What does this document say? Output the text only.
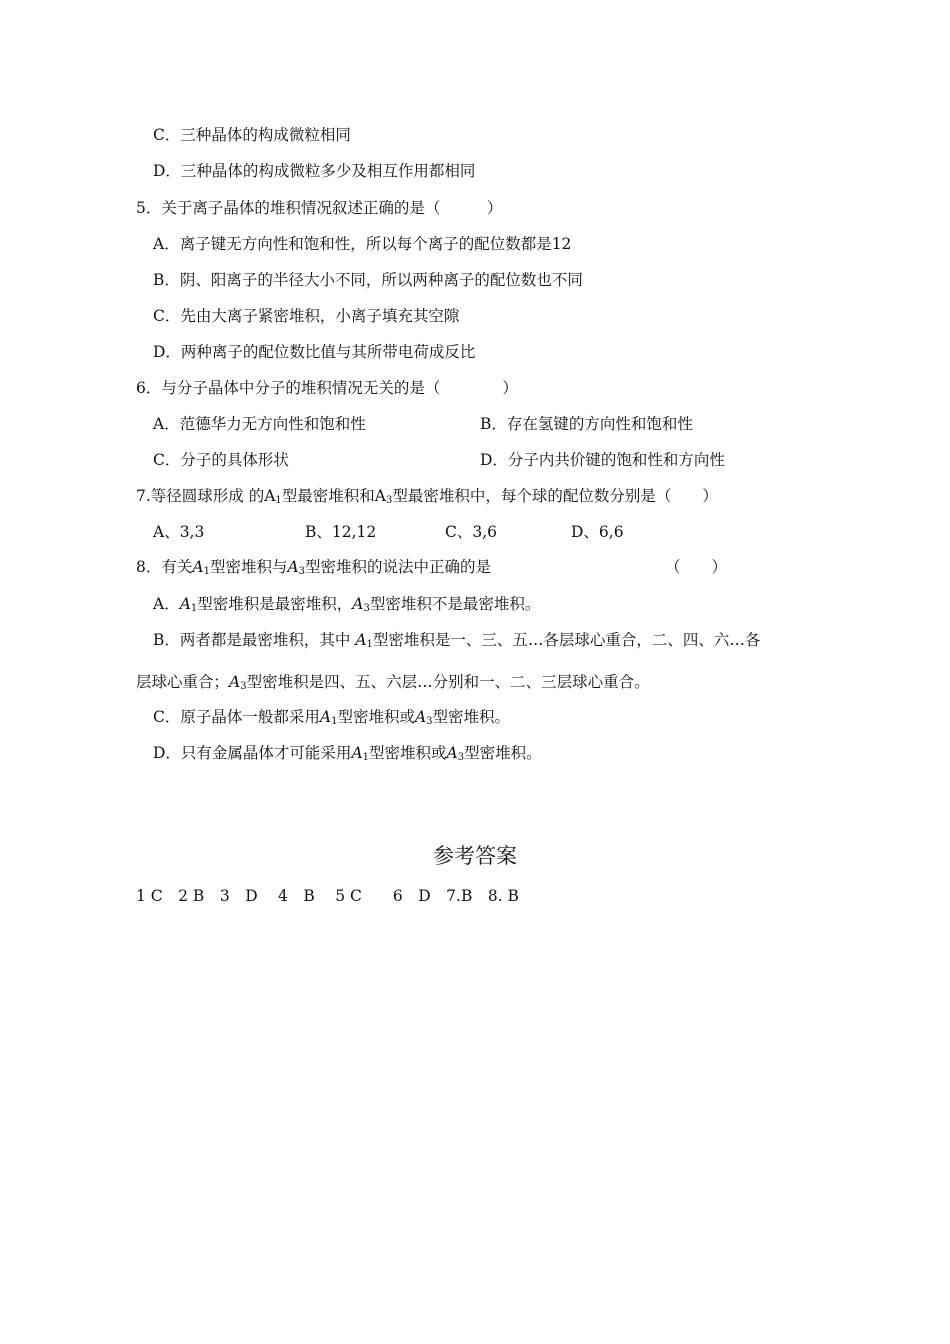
C．三种晶体的构成微粒相同
D．三种晶体的构成微粒多少及相互作用都相同
5．关于离子晶体的堆积情况叙述正确的是（　　　）
A．离子键无方向性和饱和性，所以每个离子的配位数都是12
B．阴、阳离子的半径大小不同，所以两种离子的配位数也不同
C．先由大离子紧密堆积，小离子填充其空隙
D．两种离子的配位数比值与其所带电荷成反比
6．与分子晶体中分子的堆积情况无关的是（　　　　）
A．范德华力无方向性和饱和性	B．存在氢键的方向性和饱和性
C．分子的具体形状	D．分子内共价键的饱和性和方向性
7.等径圆球形成 的$A_1$型最密堆积和$A_3$型最密堆积中，每个球的配位数分别是（　　）
A、3,3	B、12,12	C、3,6	D、6,6
8．有关$A_1$型密堆积与$A_3$型密堆积的说法中正确的是	（　　）
A．$A_1$型密堆积是最密堆积，$A_3$型密堆积不是最密堆积。
B．两者都是最密堆积，其中 $A_1$型密堆积是一、三、五…各层球心重合，二、四、六…各
层球心重合；$A_3$型密堆积是四、五、六层…分别和一、二、三层球心重合。
C．原子晶体一般都采用$A_1$型密堆积或$A_3$型密堆积。
D．只有金属晶体才可能采用$A_1$型密堆积或$A_3$型密堆积。
参考答案
1 C　2 B　3　D　 4　B　 5 C　　6　D　7.B　8. B
